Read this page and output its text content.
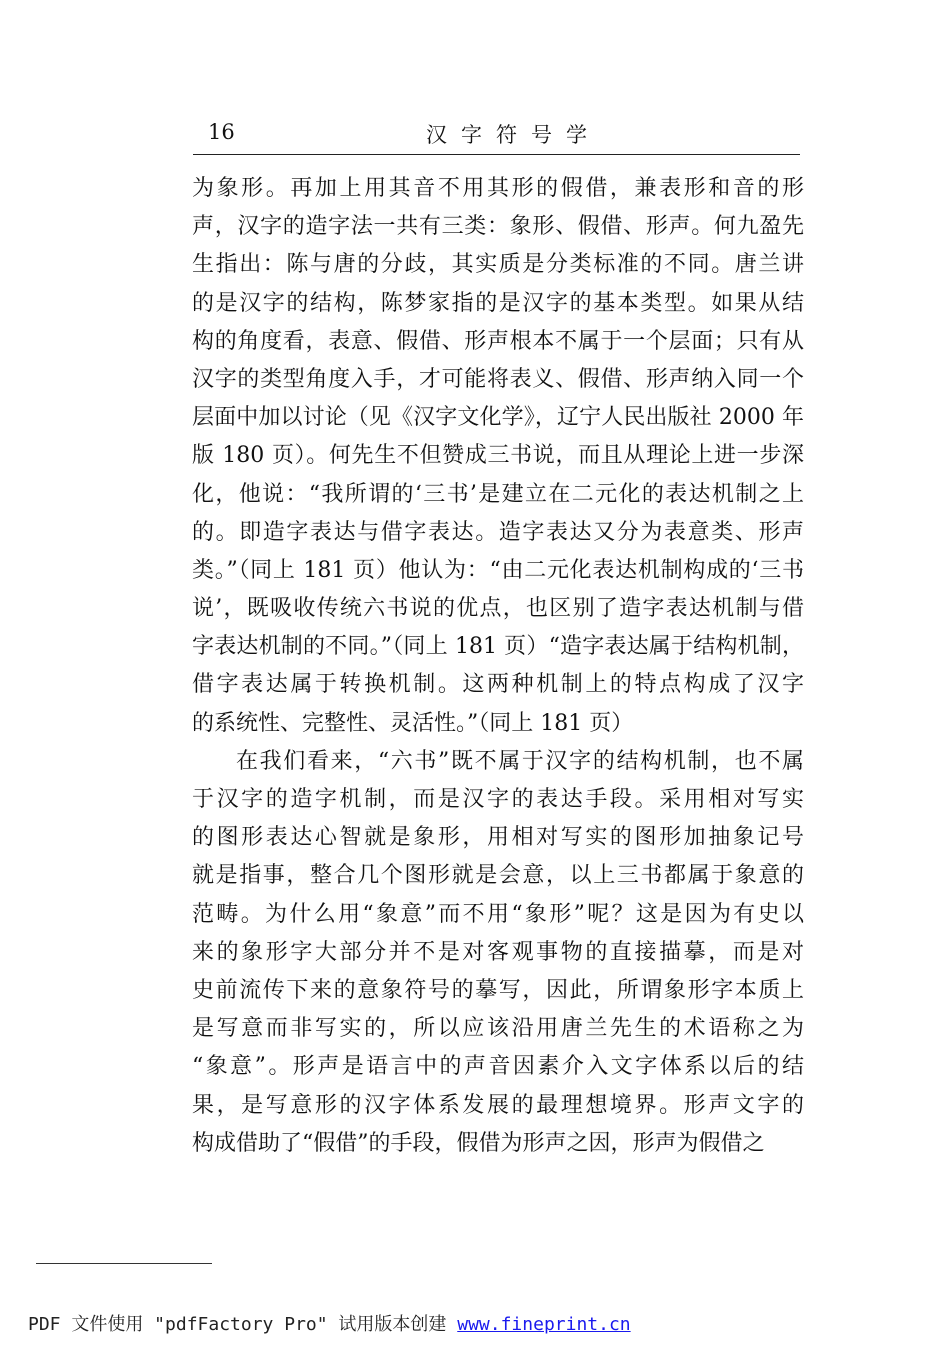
16	汉字符号学
为象形。再加上用其音不用其形的假借，兼表形和音的形
声，汉字的造字法一共有三类：象形、假借、形声。何九盈先
生指出：陈与唐的分歧，其实质是分类标准的不同。唐兰讲
的是汉字的结构，陈梦家指的是汉字的基本类型。如果从结
构的角度看，表意、假借、形声根本不属于一个层面；只有从
汉字的类型角度入手，才可能将表义、假借、形声纳入同一个
层面中加以讨论（见《汉字文化学》，辽宁人民出版社 2000 年
版 180 页）。何先生不但赞成三书说，而且从理论上进一步深
化，他说：“我所谓的‘三书’是建立在二元化的表达机制之上
的。即造字表达与借字表达。造字表达又分为表意类、形声
类。”（同上 181 页）他认为：“由二元化表达机制构成的‘三书
说’，既吸收传统六书说的优点，也区别了造字表达机制与借
字表达机制的不同。”（同上 181 页）“造字表达属于结构机制，
借字表达属于转换机制。这两种机制上的特点构成了汉字
的系统性、完整性、灵活性。”（同上 181 页）
在我们看来，“六书”既不属于汉字的结构机制，也不属
于汉字的造字机制，而是汉字的表达手段。采用相对写实
的图形表达心智就是象形，用相对写实的图形加抽象记号
就是指事，整合几个图形就是会意，以上三书都属于象意的
范畴。为什么用“象意”而不用“象形”呢？这是因为有史以
来的象形字大部分并不是对客观事物的直接描摹，而是对
史前流传下来的意象符号的摹写，因此，所谓象形字本质上
是写意而非写实的，所以应该沿用唐兰先生的术语称之为
“象意”。形声是语言中的声音因素介入文字体系以后的结
果，是写意形的汉字体系发展的最理想境界。形声文字的
构成借助了“假借”的手段，假借为形声之因，形声为假借之
PDF 文件使用 "pdfFactory Pro" 试用版本创建 www.fineprint.cn
